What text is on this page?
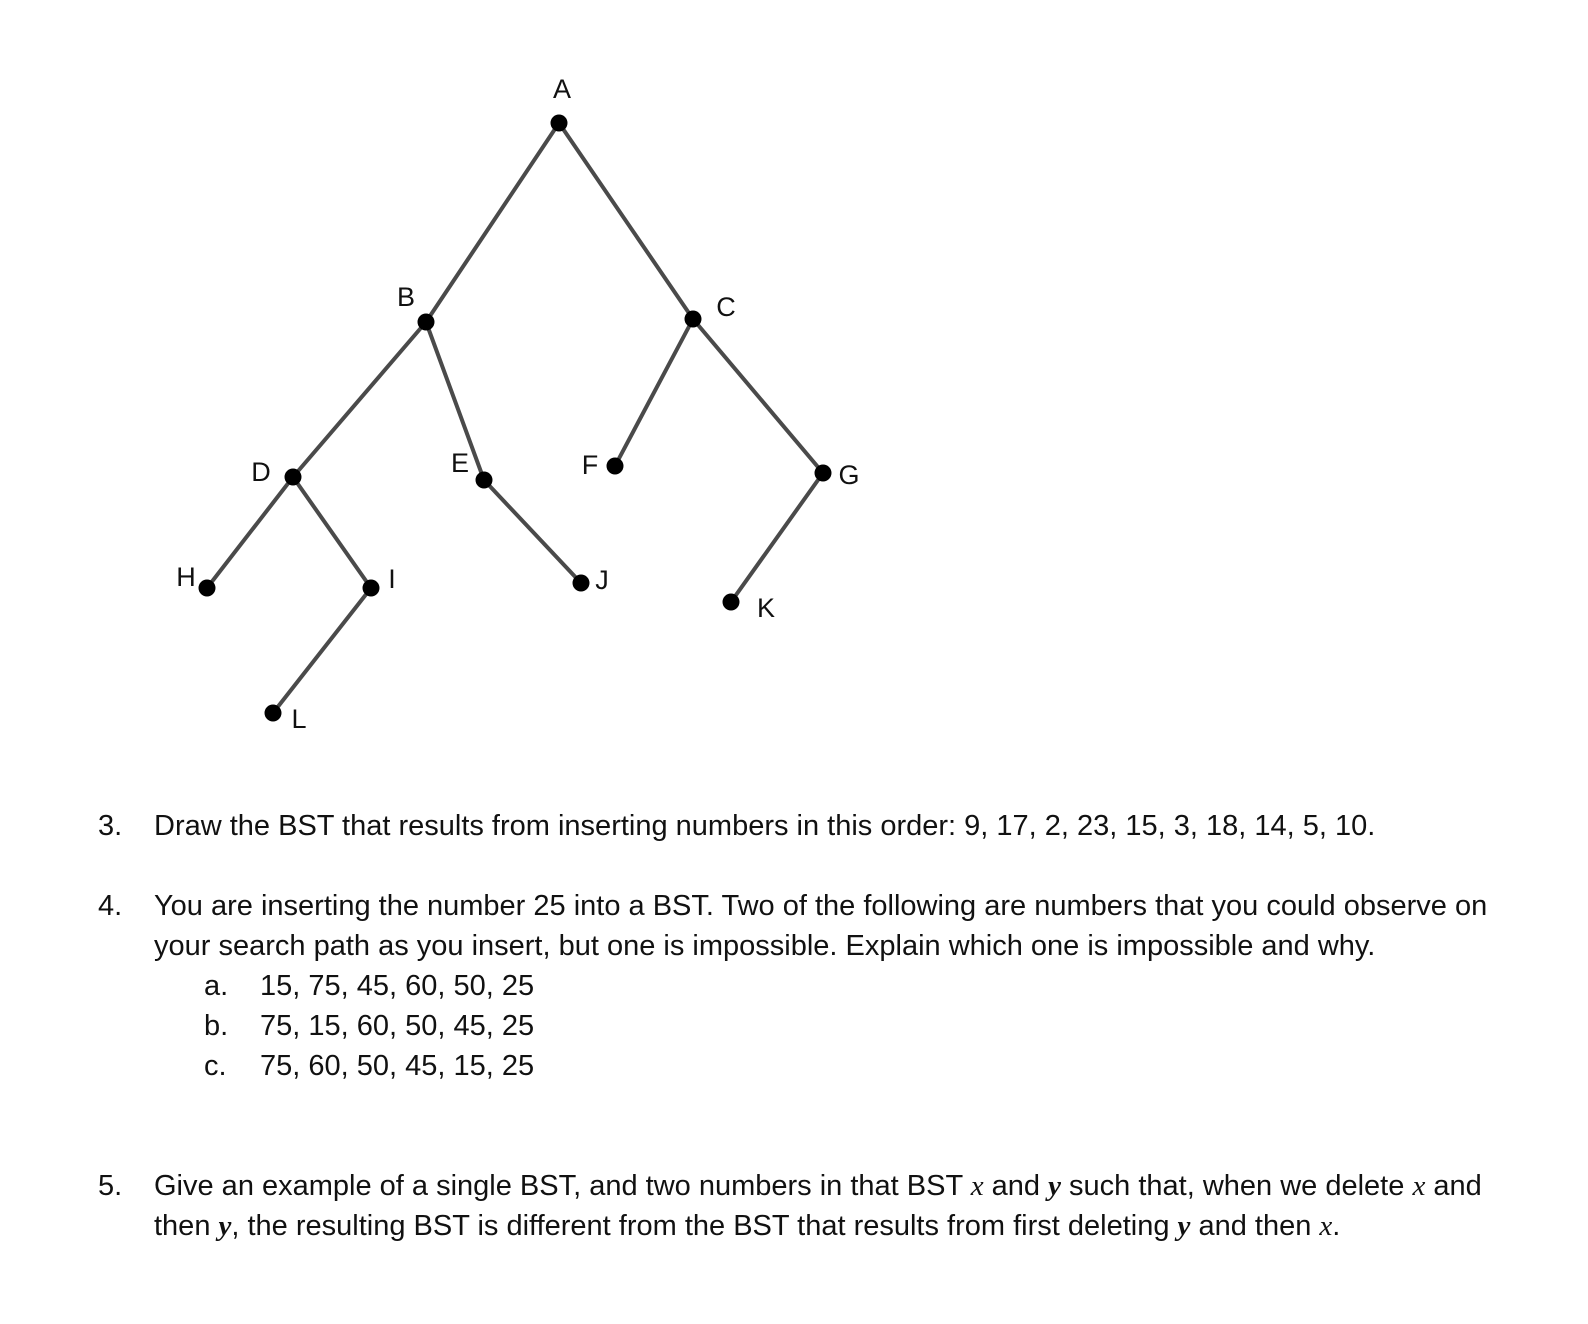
A
B	C
D	E	F	G
H	I	J
K
L
3. Draw the BST that results from inserting numbers in this order: 9, 17, 2, 23, 15, 3, 18, 14, 5, 10.
4. You are inserting the number 25 into a BST. Two of the following are numbers that you could observe on your search path as you insert, but one is impossible. Explain which one is impossible and why.
a. 15, 75, 45, 60, 50, 25
b. 75, 15, 60, 50, 45, 25
c. 75, 60, 50, 45, 15, 25
5. Give an example of a single BST, and two numbers in that BST x and y such that, when we delete x and then y, the resulting BST is different from the BST that results from first deleting y and then x.
